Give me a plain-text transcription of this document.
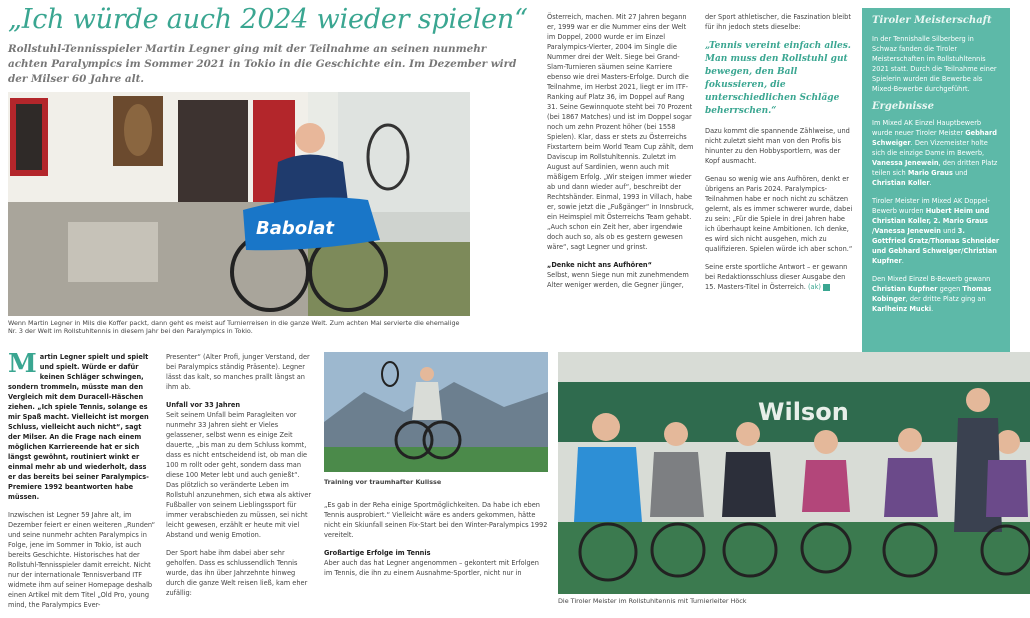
„Ich würde auch 2024 wieder spielen“
Rollstuhl-Tennisspieler Martin Legner ging mit der Teilnahme an seinen nunmehr achten Paralympics im Sommer 2021 in Tokio in die Geschichte ein. Im Dezember wird der Milser 60 Jahre alt.
Babolat
Wenn Martin Legner in Mils die Koffer packt, dann geht es meist auf Turnierreisen in die ganze Welt. Zum achten Mal servierte die ehemalige Nr. 3 der Welt im Rollstuhltennis in diesem Jahr bei den Paralympics in Tokio.

Martin Legner spielt und spielt und spielt. Würde er dafür keinen Schläger schwingen, sondern trommeln, müsste man den Vergleich mit dem Duracell-Häschen ziehen. „Ich spiele Tennis, solange es mir Spaß macht. Vielleicht ist morgen Schluss, vielleicht auch nicht“, sagt der Milser. An die Frage nach einem möglichen Karriereende hat er sich längst gewöhnt, routiniert winkt er einmal mehr ab und wiederholt, dass er das bereits bei seiner Paralympics-Premiere 1992 beantworten habe müssen.

Inzwischen ist Legner 59 Jahre alt, im Dezember feiert er einen weiteren „Runden“ und seine nunmehr achten Paralympics in Folge, jene im Sommer in Tokio, ist auch bereits Geschichte. Historisches hat der Rollstuhl-Tennisspieler damit erreicht. Nicht nur der internationale Tennisverband ITF widmete ihm auf seiner Homepage deshalb einen Artikel mit dem Titel „Old Pro, young mind, the Paralympics Ever-

Presenter“ (Alter Profi, junger Verstand, der bei Paralympics ständig Präsente). Legner lässt das kalt, so manches prallt längst an ihm ab.

Unfall vor 33 Jahren

Seit seinem Unfall beim Paragleiten vor nunmehr 33 Jahren sieht er Vieles gelassener, selbst wenn es einige Zeit dauerte, „bis man zu dem Schluss kommt, dass es nicht entscheidend ist, ob man die 100 m rollt oder geht, sondern dass man diese 100 Meter lebt und auch genießt“. Das plötzlich so veränderte Leben im Rollstuhl anzunehmen, sich etwa als aktiver Fußballer von seinem Lieblingssport für immer verabschieden zu müssen, sei nicht leicht gewesen, erzählt er heute mit viel Abstand und wenig Emotion.

Der Sport habe ihm dabei aber sehr geholfen. Dass es schlussendlich Tennis wurde, das ihn über Jahrzehnte hinweg durch die ganze Welt reisen ließ, kam eher zufällig:

Training vor traumhafter Kulisse

„Es gab in der Reha einige Sportmöglichkeiten. Da habe ich eben Tennis ausprobiert.“ Vielleicht wäre es anders gekommen, hätte nicht ein Skiunfall seinen Fix-Start bei den Winter-Paralympics 1992 vereitelt.

Großartige Erfolge im Tennis

Aber auch das hat Legner angenommen – gekontert mit Erfolgen im Tennis, die ihn zu einem Ausnahme-Sportler, nicht nur in

Österreich, machen. Mit 27 Jahren begann er, 1999 war er die Nummer eins der Welt im Doppel, 2000 wurde er im Einzel Paralympics-Vierter, 2004 im Single die Nummer drei der Welt. Siege bei Grand-Slam-Turnieren säumen seine Karriere ebenso wie drei Masters-Erfolge. Durch die Teilnahme, im Herbst 2021, liegt er im ITF-Ranking auf Platz 36, im Doppel auf Rang 31. Seine Gewinnquote steht bei 70 Prozent (bei 1867 Matches) und ist im Doppel sogar noch um zehn Prozent höher (bei 1558 Spielen). Klar, dass er stets zu Österreichs Fixstartern beim World Team Cup zählt, dem Daviscup im Rollstuhltennis. Zuletzt im August auf Sardinien, wenn auch mit mäßigem Erfolg. „Wir steigen immer wieder ab und dann wieder auf“, beschreibt der Rechtshänder. Einmal, 1993 in Villach, habe er, sowie jetzt die „Fußgänger“ in Innsbruck, ein Heimspiel mit Österreichs Team gehabt. „Auch schon ein Zeit her, aber irgendwie doch auch so, als ob es gestern gewesen wäre“, sagt Legner und grinst.

„Denke nicht ans Aufhören“

Selbst, wenn Siege nun mit zunehmendem Alter weniger werden, die Gegner jünger,

der Sport athletischer, die Faszination bleibt für ihn jedoch stets dieselbe:

„Tennis vereint einfach alles. Man muss den Rollstuhl gut bewegen, den Ball fokussieren, die unterschiedlichen Schläge beherrschen.“

Dazu kommt die spannende Zählweise, und nicht zuletzt sieht man von den Profis bis hinunter zu den Hobbysportlern, was der Kopf ausmacht.

Genau so wenig wie ans Aufhören, denkt er übrigens an Paris 2024. Paralympics-Teilnahmen habe er noch nicht zu schätzen gelernt, als es immer schwerer wurde, dabei zu sein: „Für die Spiele in drei Jahren habe ich überhaupt keine Ambitionen. Ich denke, es wird sich nicht ausgehen, mich zu qualifizieren. Spielen würde ich aber schon.“

Seine erste sportliche Antwort – er gewann bei Redaktionsschluss dieser Ausgabe den 15. Masters-Titel in Österreich. (ak)

Tiroler Meisterschaft

In der Tennishalle Silberberg in Schwaz fanden die Tiroler Meisterschaften im Rollstuhltennis 2021 statt. Durch die Teilnahme einer Spielerin wurden die Bewerbe als Mixed-Bewerbe durchgeführt.

Ergebnisse

Im Mixed AK Einzel Hauptbewerb wurde neuer Tiroler Meister Gebhard Schweiger. Den Vizemeister holte sich die einzige Dame im Bewerb, Vanessa Jenewein, den dritten Platz teilen sich Mario Graus und Christian Koller.

Tiroler Meister im Mixed AK Doppel-Bewerb wurden Hubert Heim und Christian Koller, 2. Mario Graus /Vanessa Jenewein und 3. Gottfried Gratz/Thomas Schneider und Gebhard Schweiger/Christian Kupfner.

Den Mixed Einzel B-Bewerb gewann Christian Kupfner gegen Thomas Kobinger, der dritte Platz ging an Karlheinz Mucki.

Wilson
Die Tiroler Meister im Rollstuhltennis mit Turnierleiter Höck
